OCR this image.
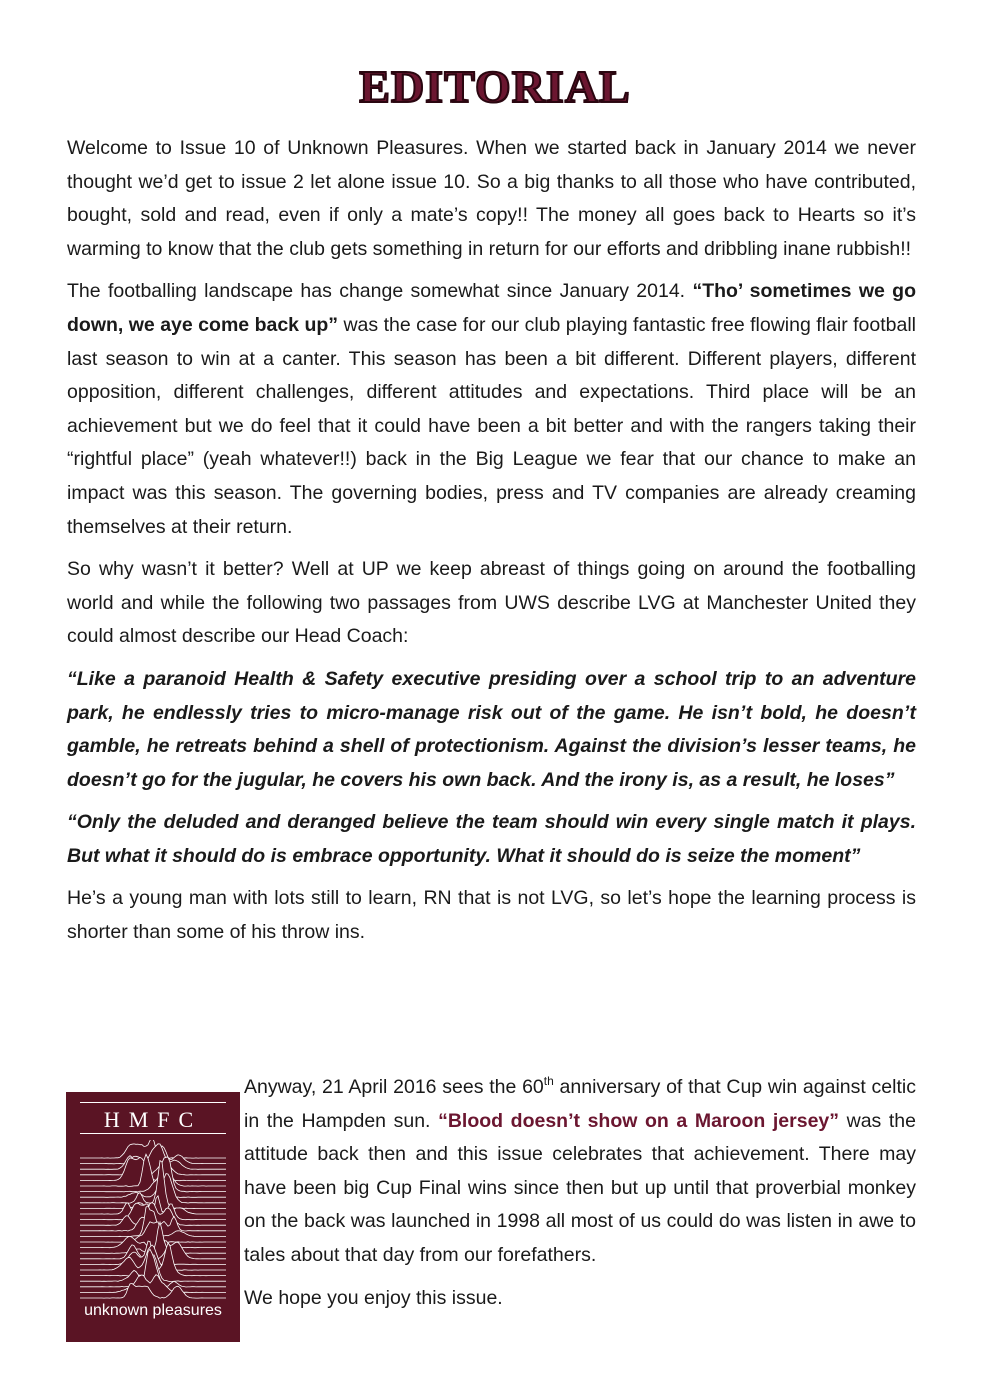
EDITORIAL

Welcome to Issue 10 of Unknown Pleasures. When we started back in January 2014 we never thought we’d get to issue 2 let alone issue 10. So a big thanks to all those who have contributed, bought, sold and read, even if only a mate’s copy!! The money all goes back to Hearts so it’s warming to know that the club gets something in return for our efforts and dribbling inane rubbish!!

The footballing landscape has change somewhat since January 2014. “Tho’ sometimes we go down, we aye come back up” was the case for our club playing fantastic free flowing flair football last season to win at a canter. This season has been a bit different. Different players, different opposition, different challenges, different attitudes and expectations. Third place will be an achievement but we do feel that it could have been a bit better and with the rangers taking their “rightful place” (yeah whatever!!) back in the Big League we fear that our chance to make an impact was this season. The governing bodies, press and TV companies are already creaming themselves at their return.

So why wasn’t it better? Well at UP we keep abreast of things going on around the footballing world and while the following two passages from UWS describe LVG at Manchester United they could almost describe our Head Coach:

“Like a paranoid Health & Safety executive presiding over a school trip to an adventure park, he endlessly tries to micro-manage risk out of the game. He isn’t bold, he doesn’t gamble, he retreats behind a shell of protectionism. Against the division’s lesser teams, he doesn’t go for the jugular, he covers his own back. And the irony is, as a result, he loses”

“Only the deluded and deranged believe the team should win every single match it plays. But what it should do is embrace opportunity. What it should do is seize the moment”

He’s a young man with lots still to learn, RN that is not LVG, so let’s hope the learning process is shorter than some of his throw ins.

HMFC
unknown pleasures

Anyway, 21 April 2016 sees the 60th anniversary of that Cup win against celtic in the Hampden sun. “Blood doesn’t show on a Maroon jersey” was the attitude back then and this issue celebrates that achievement. There may have been big Cup Final wins since then but up until that proverbial monkey on the back was launched in 1998 all most of us could do was listen in awe to tales about that day from our forefathers.

We hope you enjoy this issue.
